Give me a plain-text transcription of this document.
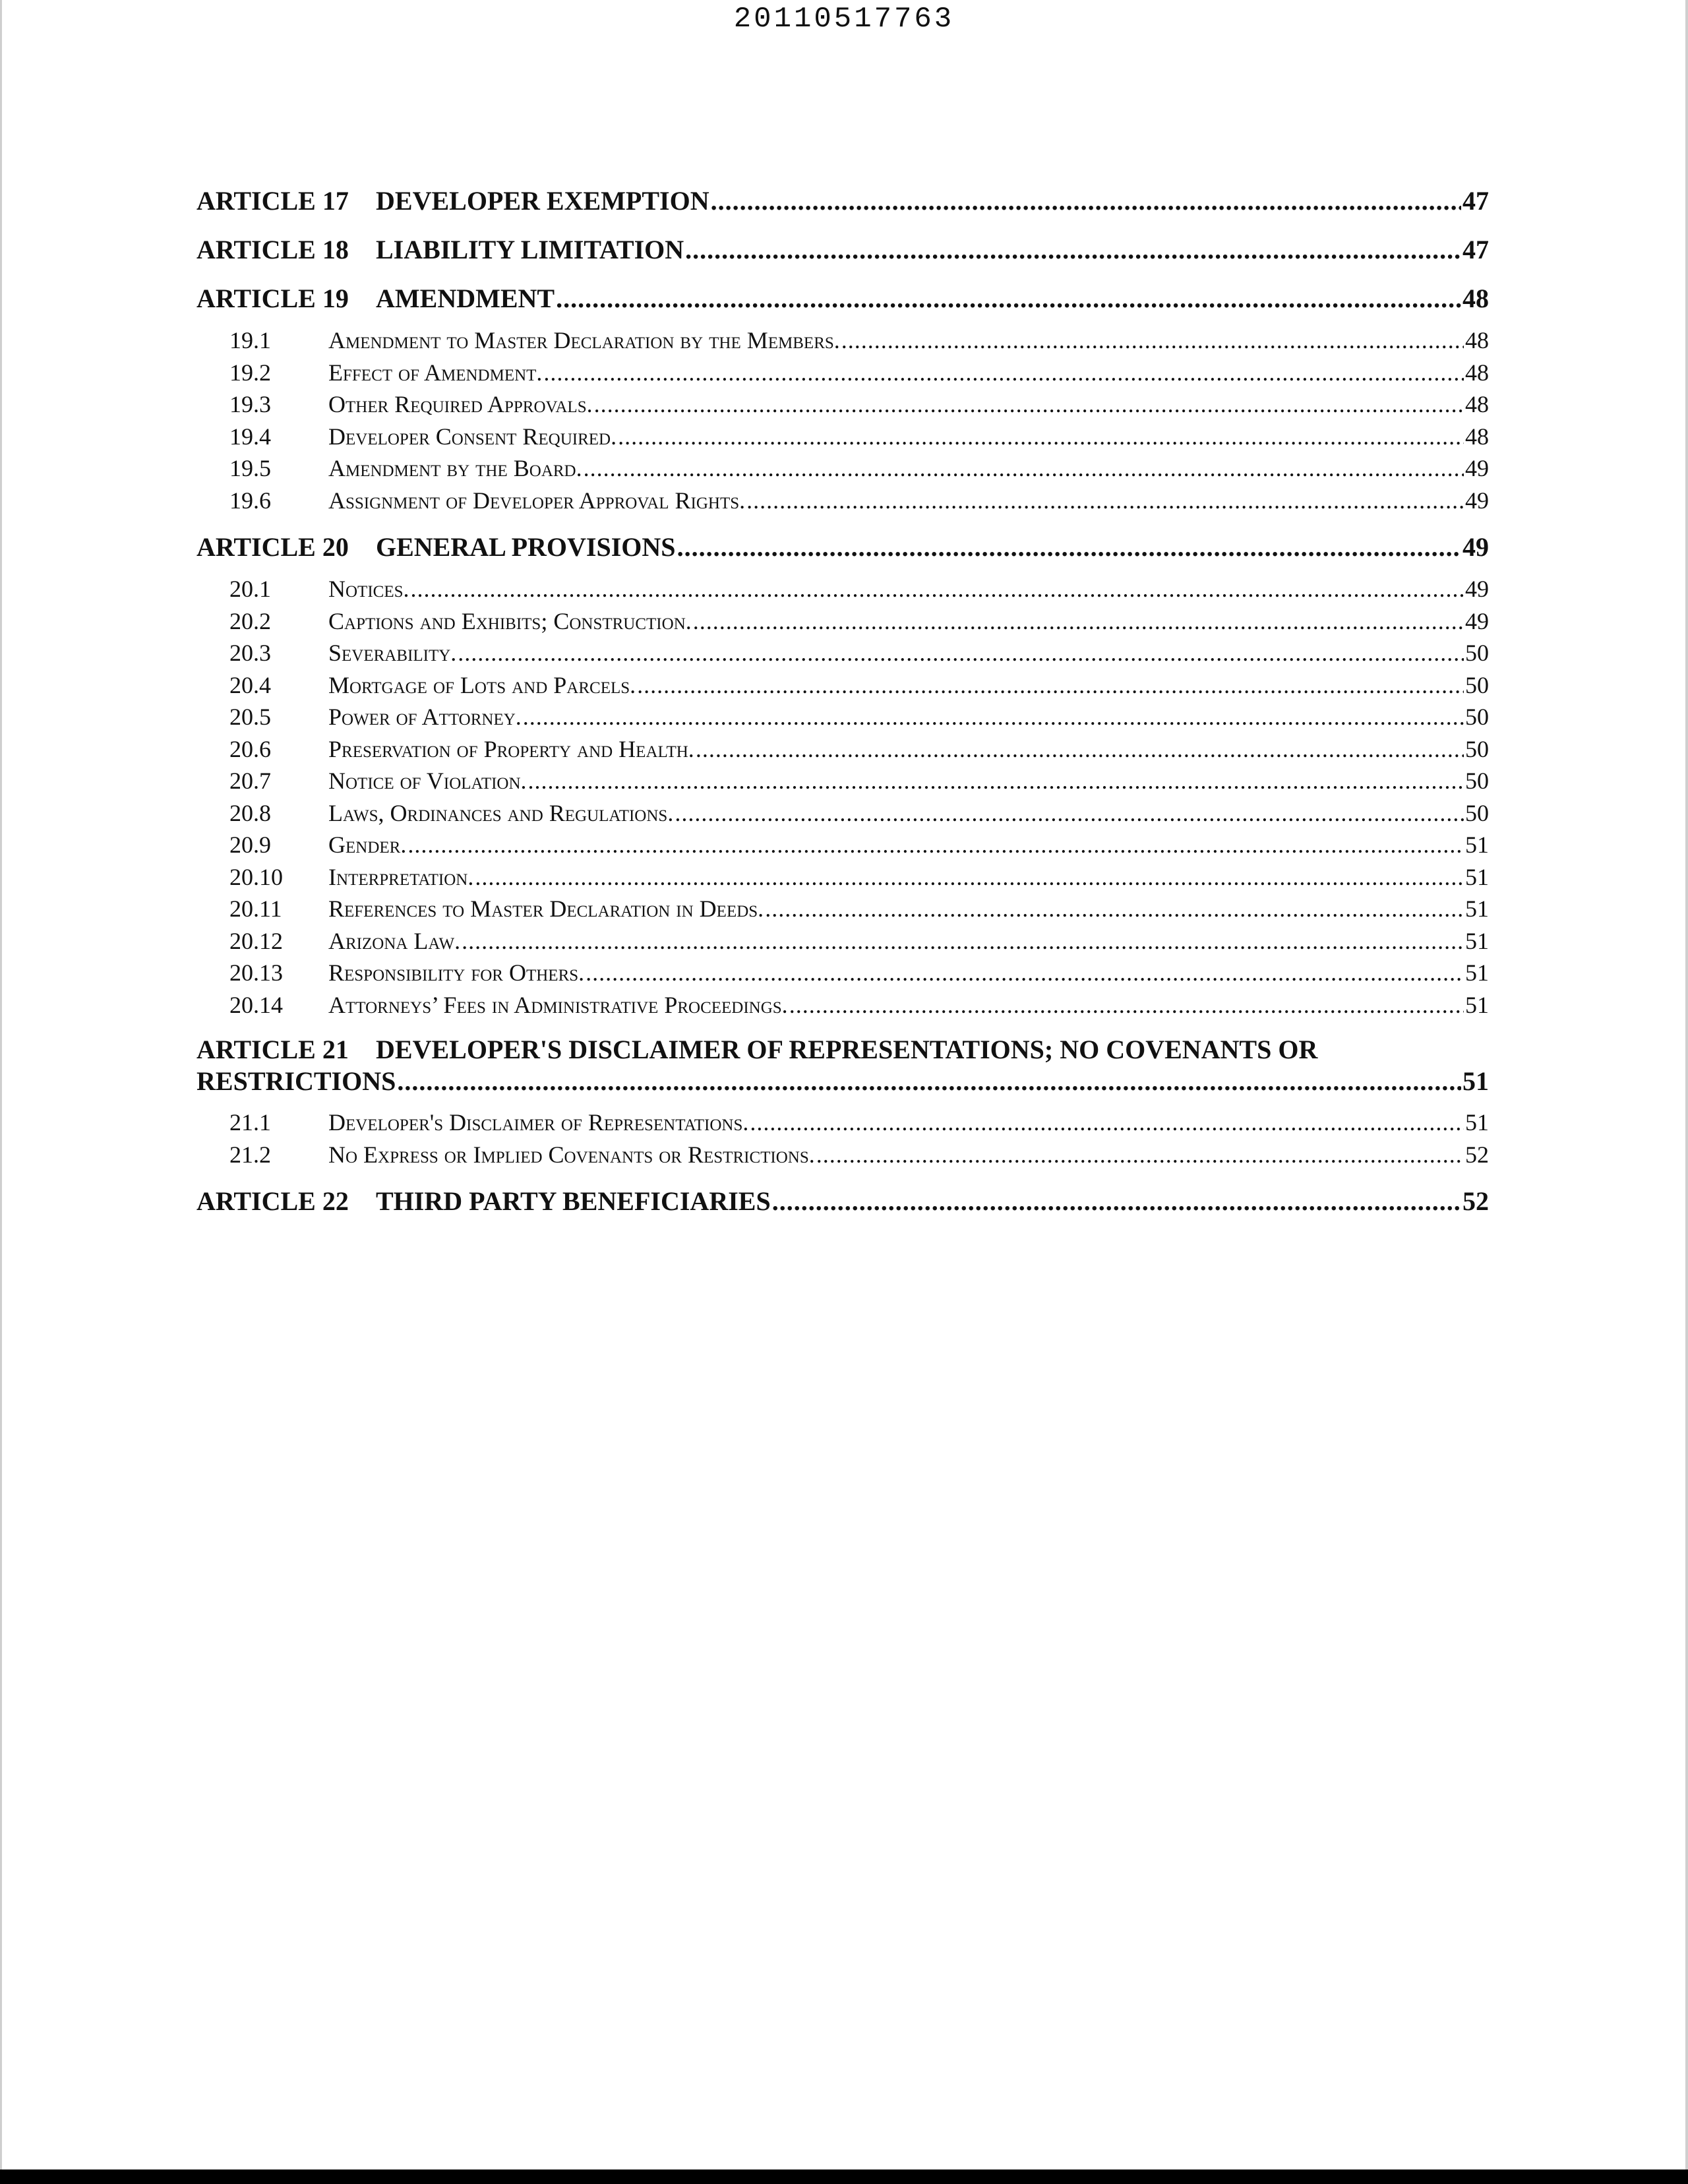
20110517763
ARTICLE 17 DEVELOPER EXEMPTION .....	47
ARTICLE 18 LIABILITY LIMITATION .....	47
ARTICLE 19 AMENDMENT .....	48
19.1 Amendment to Master Declaration by the Members. .....	48
19.2 Effect of Amendment. .....	48
19.3 Other Required Approvals. .....	48
19.4 Developer Consent Required. .....	48
19.5 Amendment by the Board. .....	49
19.6 Assignment of Developer Approval Rights. .....	49
ARTICLE 20 GENERAL PROVISIONS .....	49
20.1 Notices. .....	49
20.2 Captions and Exhibits; Construction. .....	49
20.3 Severability. .....	50
20.4 Mortgage of Lots and Parcels. .....	50
20.5 Power of Attorney. .....	50
20.6 Preservation of Property and Health. .....	50
20.7 Notice of Violation. .....	50
20.8 Laws, Ordinances and Regulations. .....	50
20.9 Gender. .....	51
20.10 Interpretation. .....	51
20.11 References to Master Declaration in Deeds. .....	51
20.12 Arizona Law. .....	51
20.13 Responsibility for Others. .....	51
20.14 Attorneys’ Fees in Administrative Proceedings. .....	51
ARTICLE 21 DEVELOPER'S DISCLAIMER OF REPRESENTATIONS; NO COVENANTS OR
RESTRICTIONS .....	51
21.1 Developer's Disclaimer of Representations. .....	51
21.2 No Express or Implied Covenants or Restrictions. .....	52
ARTICLE 22 THIRD PARTY BENEFICIARIES .....	52
